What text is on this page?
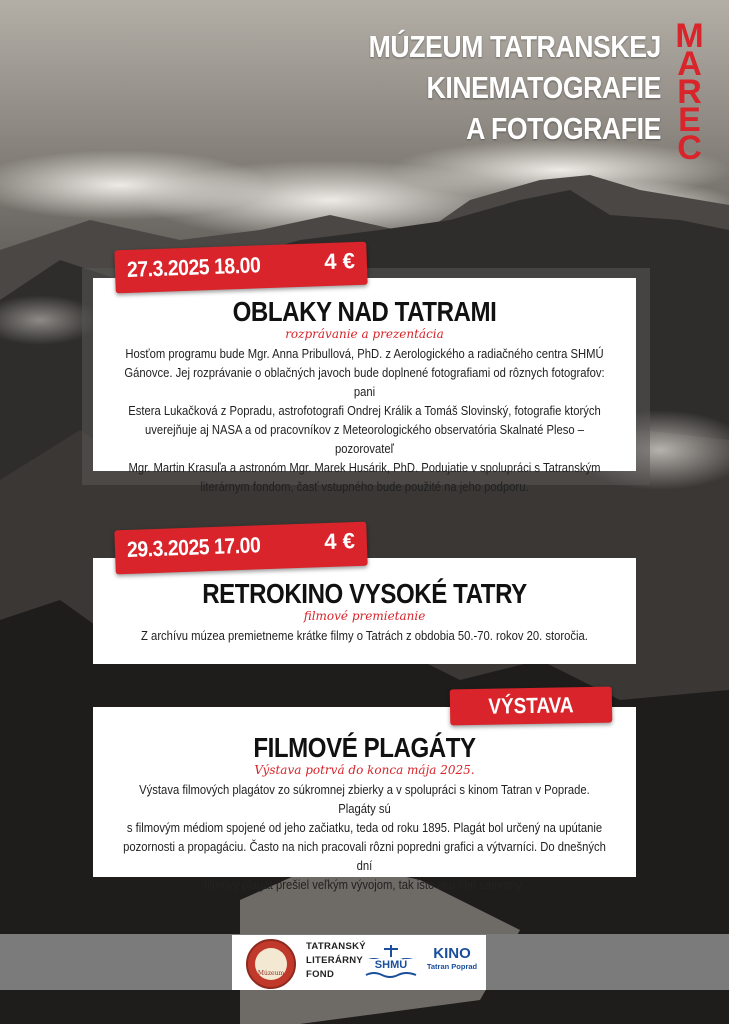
MÚZEUM TATRANSKEJ
KINEMATOGRAFIE
A FOTOGRAFIE
M
A
R
E
C
OBLAKY NAD TATRAMI
rozprávanie a prezentácia
Hosťom programu bude Mgr. Anna Pribullová, PhD. z Aerologického a radiačného centra SHMÚ
Gánovce. Jej rozprávanie o oblačných javoch bude doplnené fotografiami od rôznych fotografov: pani
Estera Lukačková z Popradu, astrofotografi Ondrej Králik a Tomáš Slovinský, fotografie ktorých
uverejňuje aj NASA a od pracovníkov z Meteorologického observatória Skalnaté Pleso – pozorovateľ
Mgr. Martin Krasuľa a astronóm Mgr. Marek Husárik, PhD. Podujatie v spolupráci s Tatranským
literárnym fondom, časť vstupného bude použité na jeho podporu.
27.3.2025 18.00	4 €
RETROKINO VYSOKÉ TATRY
filmové premietanie
Z archívu múzea premietneme krátke filmy o Tatrách z obdobia 50.-70. rokov 20. storočia.
29.3.2025 17.00	4 €
FILMOVÉ PLAGÁTY
Výstava potrvá do konca mája 2025.
Výstava filmových plagátov zo súkromnej zbierky a v spolupráci s kinom Tatran v Poprade. Plagáty sú
s filmovým médiom spojené od jeho začiatku, teda od roku 1895. Plagát bol určený na upútanie
pozornosti a propagáciu. Často na nich pracovali rôzni popredni grafici a výtvarníci. Do dnešných dní
filmový plagát prešiel veľkým vývojom, tak isto ako film samotný.
VÝSTAVA
Múzeum
TATRANSKÝ
LITERÁRNY
FOND
SHMÚ
KINO
Tatran Poprad
